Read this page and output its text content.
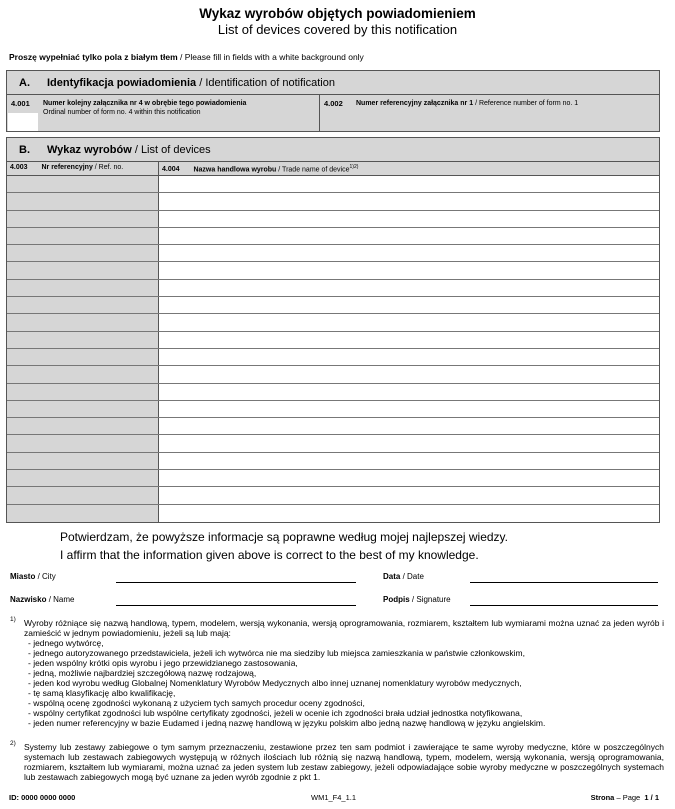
Wykaz wyrobów objętych powiadomieniem
List of devices covered by this notification
Proszę wypełniać tylko pola z białym tłem / Please fill in fields with a white background only
A.	Identyfikacja powiadomienia
/ Identification of notification
4.001 Numer kolejny załącznika nr 4 w obrębie tego powiadomienia
Ordinal number of form no. 4 within this notification
4.002 Numer referencyjny załącznika nr 1 / Reference number of form no. 1
B.	Wykaz wyrobów
/ List of devices
4.003 Nr referencyjny / Ref. no.	4.004 Nazwa handlowa wyrobu / Trade name of device$^{1)2)}$
Potwierdzam, że powyższe informacje są poprawne według mojej najlepszej wiedzy.
I affirm that the information given above is correct to the best of my knowledge.
Miasto / City	Data / Date
Nazwisko / Name	Podpis / Signature
1) Wyroby różniące się nazwą handlową, typem, modelem, wersją wykonania, wersją oprogramowania, rozmiarem, kształtem lub wymiarami można uznać za jeden wyrób i zamieścić w jednym powiadomieniu, jeżeli są lub mają:
- jednego wytwórcę,
- jednego autoryzowanego przedstawiciela, jeżeli ich wytwórca nie ma siedziby lub miejsca zamieszkania w państwie członkowskim,
- jeden wspólny krótki opis wyrobu i jego przewidzianego zastosowania,
- jedną, możliwie najbardziej szczegółową nazwę rodzajową,
- jeden kod wyrobu według Globalnej Nomenklatury Wyrobów Medycznych albo innej uznanej nomenklatury wyrobów medycznych,
- tę samą klasyfikację albo kwalifikację,
- wspólną ocenę zgodności wykonaną z użyciem tych samych procedur oceny zgodności,
- wspólny certyfikat zgodności lub wspólne certyfikaty zgodności, jeżeli w ocenie ich zgodności brała udział jednostka notyfikowana,
- jeden numer referencyjny w bazie Eudamed i jedną nazwę handlową w języku polskim albo jedną nazwę handlową w języku angielskim.
2) Systemy lub zestawy zabiegowe o tym samym przeznaczeniu, zestawione przez ten sam podmiot i zawierające te same wyroby medyczne, które w poszczególnych systemach lub zestawach zabiegowych występują w różnych ilościach lub różnią się nazwą handlową, typem, modelem, wersją wykonania, wersją oprogramowania, rozmiarem, kształtem lub wymiarami, można uznać za jeden system lub zestaw zabiegowy, jeżeli odpowiadające sobie wyroby medyczne w poszczególnych systemach lub zestawach zabiegowych mogą być uznane za jeden wyrób zgodnie z pkt 1.
ID: 0000 0000 0000	WM1_F4_1.1	Strona – Page 1 / 1
